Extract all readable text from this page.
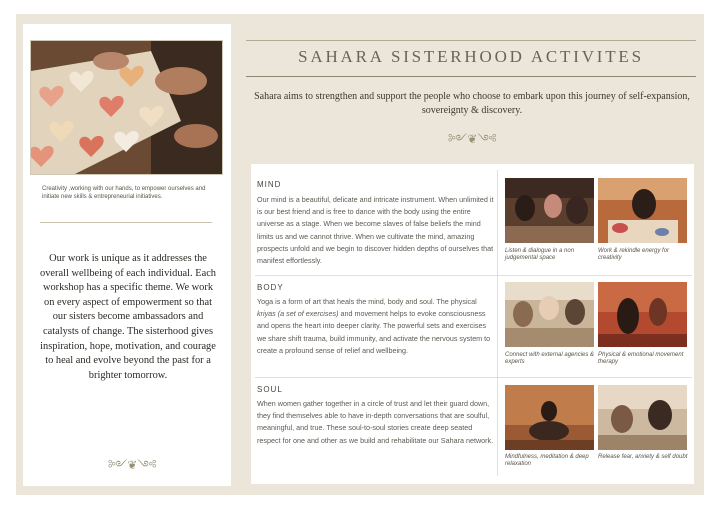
Creativity ,working with our hands, to empower ourselves and initiate new skills & entrepreneurial initiatives.
Our work is unique as it addresses the overall wellbeing of each individual. Each workshop has a specific theme. We work on every aspect of empowerment so that our sisters become ambassadors and catalysts of change. The sisterhood gives inspiration, hope, motivation, and courage to heal and evolve beyond the past for a brighter tomorrow.
༻❦༺
SAHARA SISTERHOOD ACTIVITES
Sahara aims to strengthen and support the people who choose to embark upon this journey of self-expansion, sovereignty & discovery.
༻❦༺
MIND
Our mind is a beautiful, delicate and intricate instrument. When unlimited it is our best friend and is free to dance with the body using the entire universe as a stage. When we become slaves of false beliefs the mind limits us and we cannot thrive. When we cultivate the mind, amazing prospects unfold and we begin to discover hidden depths of ourselves that manifest effortlessly.
Listen & dialogue in a non judgemental space
Work & rekindle energy for creativity
BODY
Yoga is a form of art that heals the mind, body and soul. The physical kriyas (a set of exercises) and movement helps to evoke consciousness and opens the heart into deeper clarity. The powerful sets and exercises we share shift trauma, build immunity, and activate the nervous system to create a profound sense of relief and wellbeing.
Connect with external agencies & experts
Physical & emotional movement therapy
SOUL
When women gather together in a circle of trust and let their guard down, they find themselves able to have in-depth conversations that are soulful, meaningful, and true. These soul-to-soul stories create deep seated respect for one and other as we build and rehabilitate our Sahara network.
Mindfulness, meditation & deep relaxation
Release fear, anxiety & self doubt
